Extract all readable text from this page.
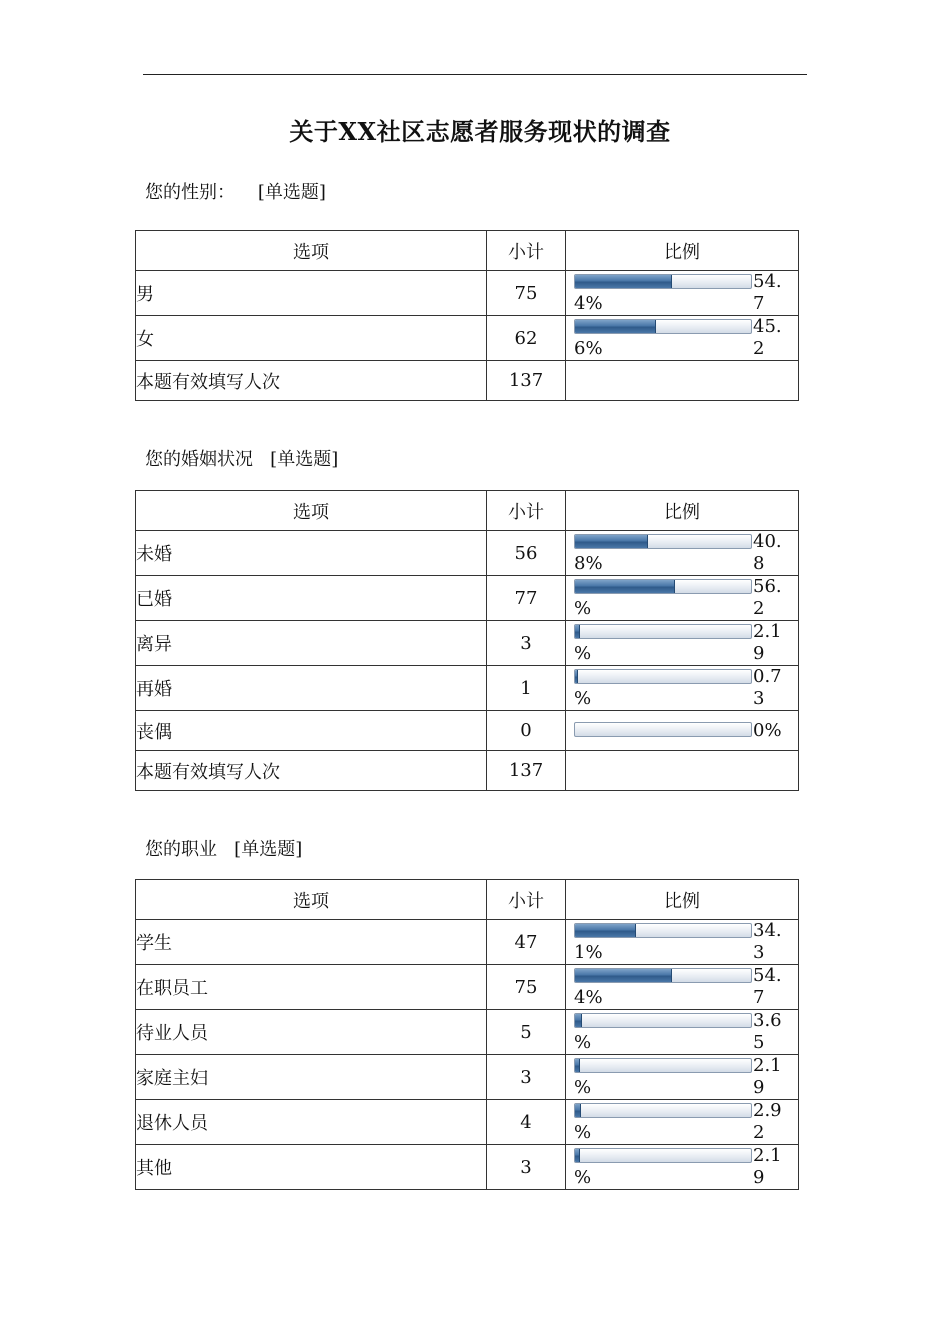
关于XX社区志愿者服务现状的调查
您的性别： [单选题]
选项	小计	比例
男	75	54.7
4%

女	62	45.2
6%

本题有效填写人次	137	
您的婚姻状况 [单选题]
选项	小计	比例
未婚	56	40.8
8%

已婚	77	56.2
%

离异	3	2.19
%

再婚	1	0.73
%

丧偶	0	0%

本题有效填写人次	137	
您的职业 [单选题]
选项	小计	比例
学生	47	34.3
1%

在职员工	75	54.7
4%

待业人员	5	3.65
%

家庭主妇	3	2.19
%

退休人员	4	2.92
%

其他	3	2.19
%
